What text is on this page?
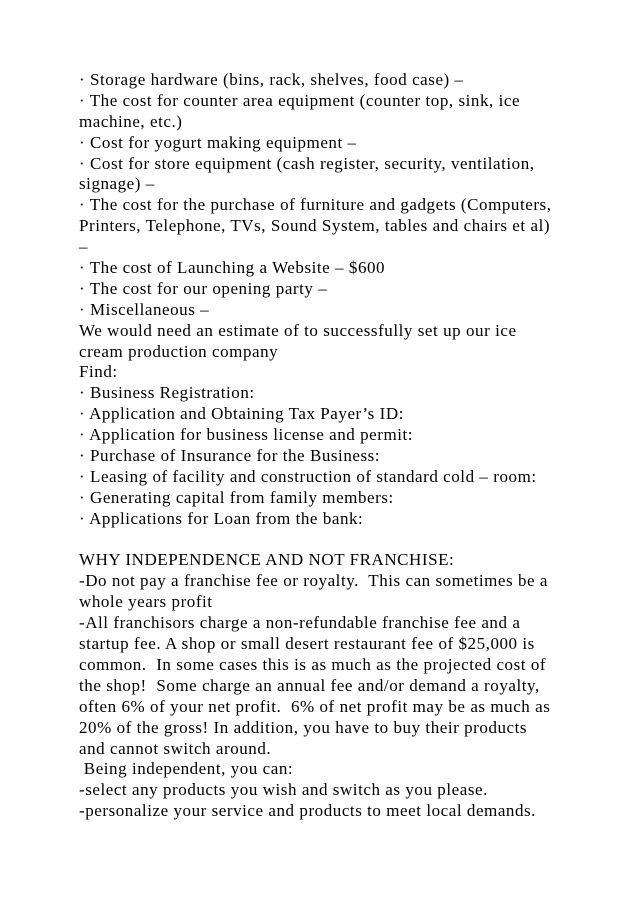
· Storage hardware (bins, rack, shelves, food case) –
· The cost for counter area equipment (counter top, sink, ice
machine, etc.)
· Cost for yogurt making equipment –
· Cost for store equipment (cash register, security, ventilation,
signage) –
· The cost for the purchase of furniture and gadgets (Computers,
Printers, Telephone, TVs, Sound System, tables and chairs et al)
–
· The cost of Launching a Website – $600
· The cost for our opening party –
· Miscellaneous –
We would need an estimate of to successfully set up our ice
cream production company
Find:
· Business Registration:
· Application and Obtaining Tax Payer’s ID:
· Application for business license and permit:
· Purchase of Insurance for the Business:
· Leasing of facility and construction of standard cold – room:
· Generating capital from family members:
· Applications for Loan from the bank:
WHY INDEPENDENCE AND NOT FRANCHISE:
-Do not pay a franchise fee or royalty.  This can sometimes be a
whole years profit
-All franchisors charge a non-refundable franchise fee and a
startup fee. A shop or small desert restaurant fee of $25,000 is
common.  In some cases this is as much as the projected cost of
the shop!  Some charge an annual fee and/or demand a royalty,
often 6% of your net profit.  6% of net profit may be as much as
20% of the gross! In addition, you have to buy their products
and cannot switch around.
Being independent, you can:
-select any products you wish and switch as you please.
-personalize your service and products to meet local demands.
